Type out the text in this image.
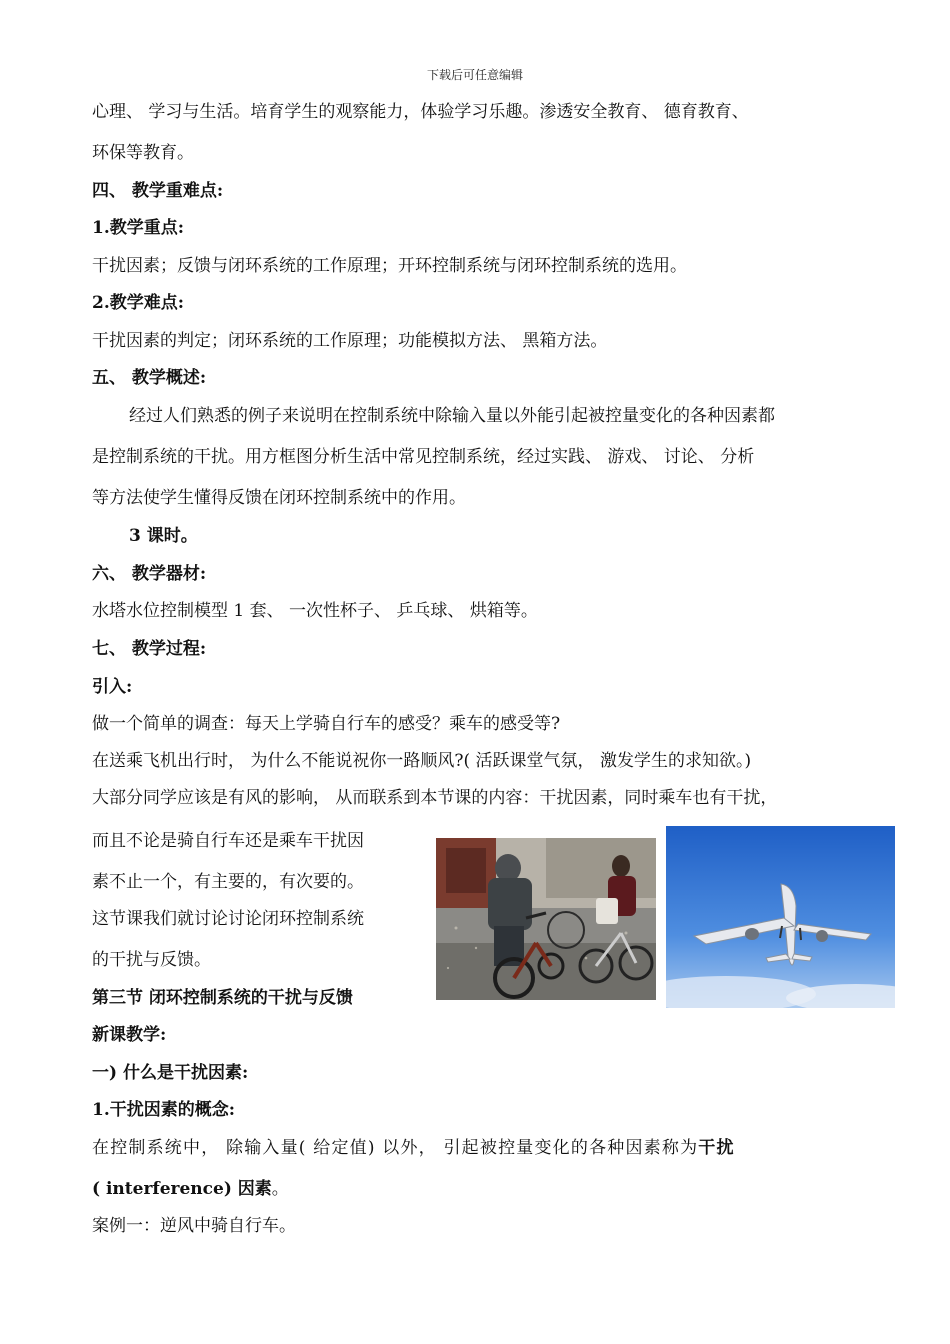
下载后可任意编辑
心理、 学习与生活。培育学生的观察能力，体验学习乐趣。渗透安全教育、 德育教育、
环保等教育。
四、 教学重难点:
1.教学重点:
干扰因素；反馈与闭环系统的工作原理；开环控制系统与闭环控制系统的选用。
2.教学难点:
干扰因素的判定；闭环系统的工作原理；功能模拟方法、 黑箱方法。
五、 教学概述:
经过人们熟悉的例子来说明在控制系统中除输入量以外能引起被控量变化的各种因素都
是控制系统的干扰。用方框图分析生活中常见控制系统，经过实践、 游戏、 讨论、 分析
等方法使学生懂得反馈在闭环控制系统中的作用。
3 课时。
六、 教学器材:
水塔水位控制模型 1 套、 一次性杯子、 乒乓球、 烘箱等。
七、 教学过程:
引入:
做一个简单的调查：每天上学骑自行车的感受？乘车的感受等?
在送乘飞机出行时， 为什么不能说祝你一路顺风?( 活跃课堂气氛， 激发学生的求知欲。)
大部分同学应该是有风的影响， 从而联系到本节课的内容：干扰因素，同时乘车也有干扰，
而且不论是骑自行车还是乘车干扰因
素不止一个，有主要的，有次要的。
这节课我们就讨论讨论闭环控制系统
的干扰与反馈。
第三节 闭环控制系统的干扰与反馈
新课教学:
一) 什么是干扰因素:
1.干扰因素的概念:
在控制系统中， 除输入量( 给定值) 以外， 引起被控量变化的各种因素称为干扰
( interference) 因素。
案例一：逆风中骑自行车。
